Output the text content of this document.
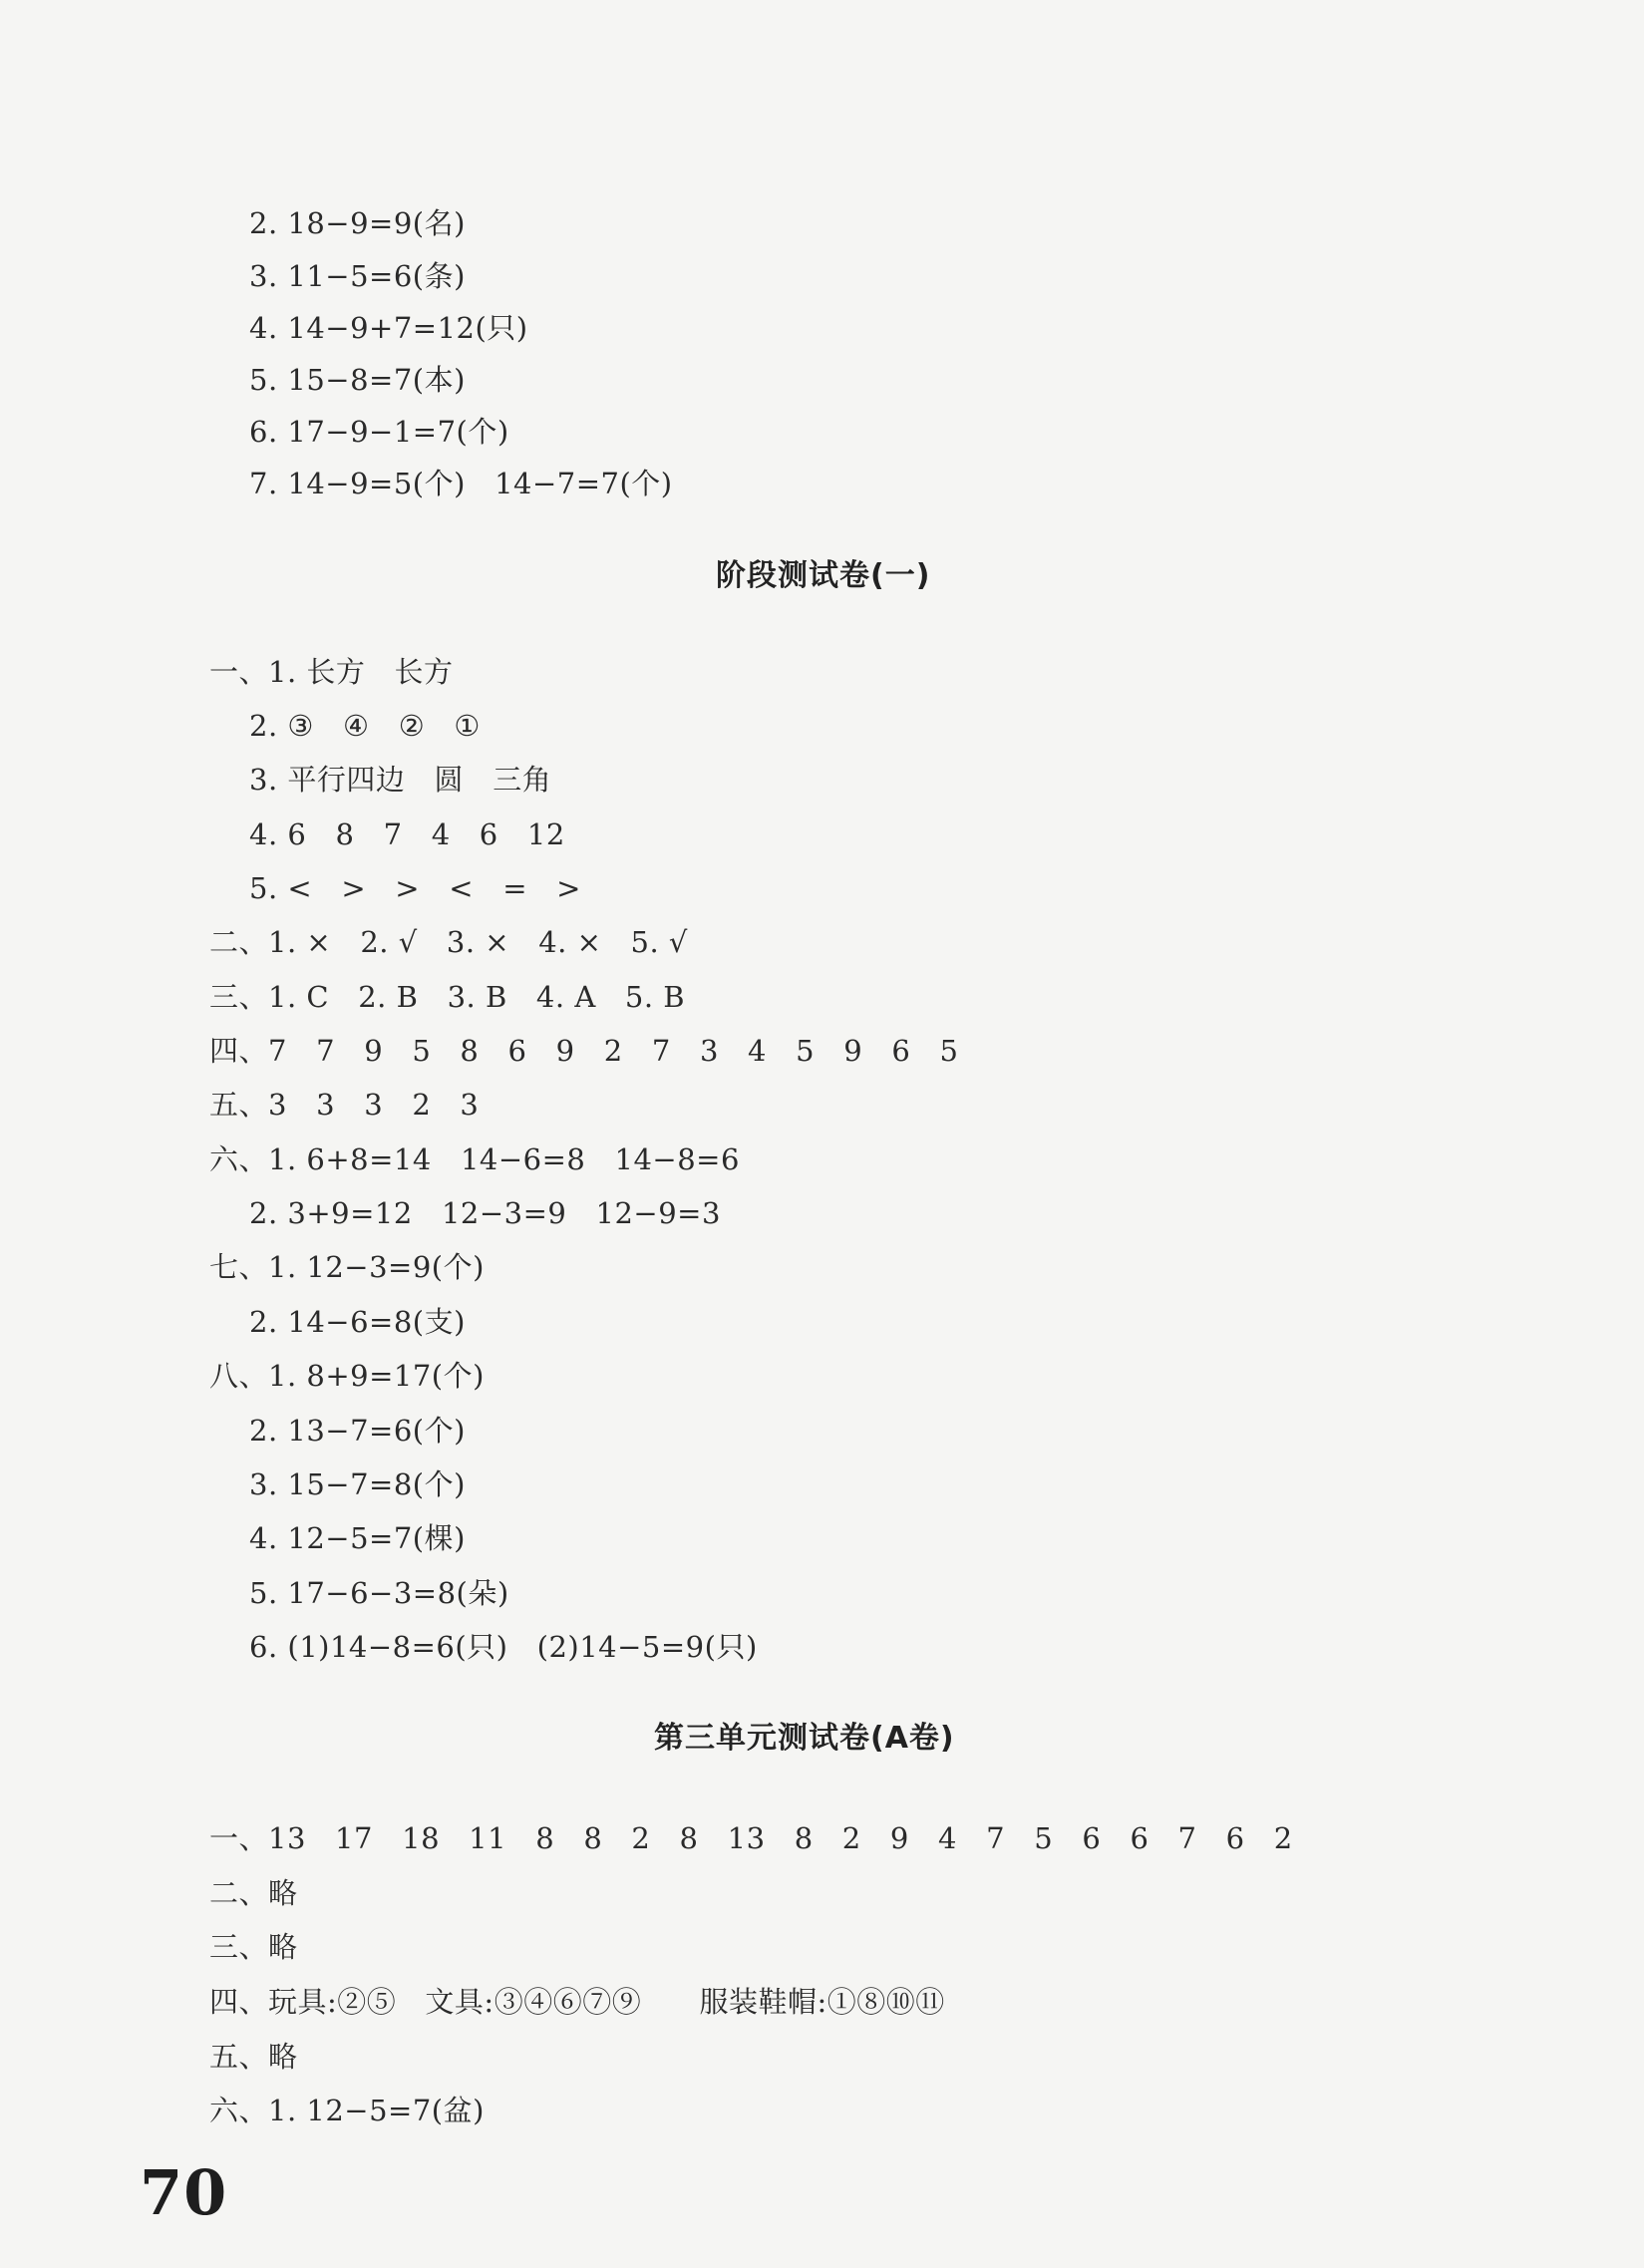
2. 18−9=9(名)
3. 11−5=6(条)
4. 14−9+7=12(只)
5. 15−8=7(本)
6. 17−9−1=7(个)
7. 14−9=5(个)   14−7=7(个)
阶段测试卷(一)
一、1. 长方   长方
2. ③   ④   ②   ①
3. 平行四边   圆   三角
4. 6   8   7   4   6   12
5. <   >   >   <   =   >
二、1. ×   2. √   3. ×   4. ×   5. √
三、1. C   2. B   3. B   4. A   5. B
四、7   7   9   5   8   6   9   2   7   3   4   5   9   6   5
五、3   3   3   2   3
六、1. 6+8=14   14−6=8   14−8=6
2. 3+9=12   12−3=9   12−9=3
七、1. 12−3=9(个)
2. 14−6=8(支)
八、1. 8+9=17(个)
2. 13−7=6(个)
3. 15−7=8(个)
4. 12−5=7(棵)
5. 17−6−3=8(朵)
6. (1)14−8=6(只)   (2)14−5=9(只)
第三单元测试卷(A卷)
一、13   17   18   11   8   8   2   8   13   8   2   9   4   7   5   6   6   7   6   2
二、略
三、略
四、玩具:②⑤   文具:③④⑥⑦⑨      服装鞋帽:①⑧⑩⑪
五、略
六、1. 12−5=7(盆)
70
